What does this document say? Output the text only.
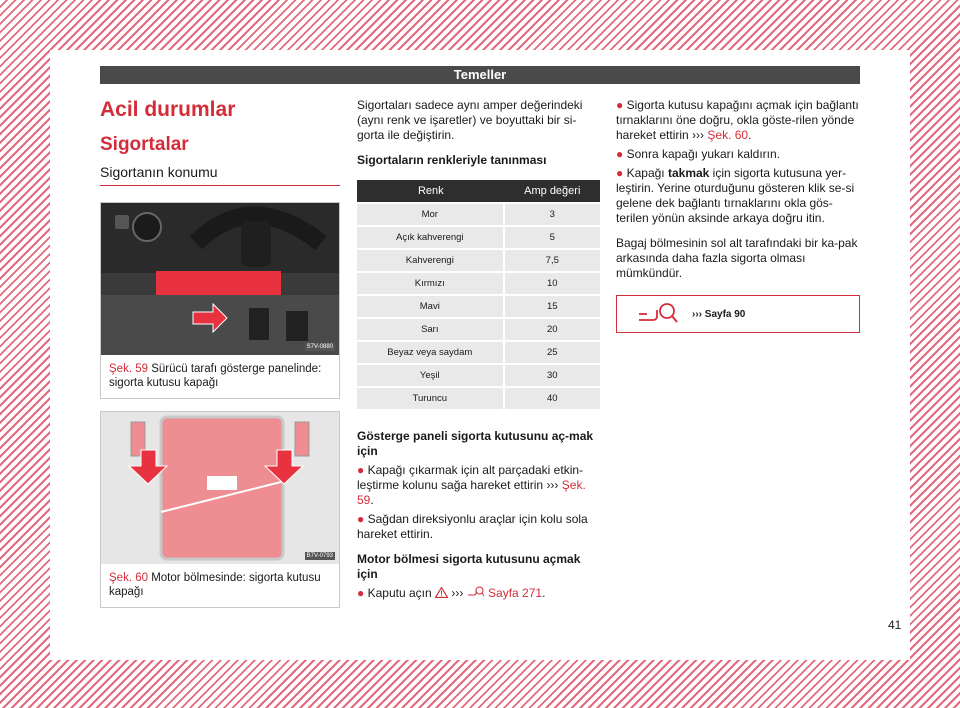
Temeller
Acil durumlar
Sigortalar
Sigortanın konumu
S7V-0880
Şek. 59 Sürücü tarafı gösterge panelinde: sigorta kutusu kapağı
B7V-0793
Şek. 60 Motor bölmesinde: sigorta kutusu kapağı

Sigortaları sadece aynı amper değerindeki (aynı renk ve işaretler) ve boyuttaki bir si-gorta ile değiştirin.

Sigortaların renkleriyle tanınması

Renk	Amp değeri
Mor	3
Açık kahverengi	5
Kahverengi	7,5
Kırmızı	10
Mavi	15
Sarı	20
Beyaz veya saydam	25
Yeşil	30
Turuncu	40

Gösterge paneli sigorta kutusunu aç-mak için

● Kapağı çıkarmak için alt parçadaki etkin-leştirme kolunu sağa hareket ettirin ››› Şek. 59.

● Sağdan direksiyonlu araçlar için kolu sola hareket ettirin.

Motor bölmesi sigorta kutusunu açmak için

● Kaputu açın ››› Sayfa 271.

● Sigorta kutusu kapağını açmak için bağlantı tırnaklarını öne doğru, okla göste-rilen yönde hareket ettirin ››› Şek. 60.

● Sonra kapağı yukarı kaldırın.

● Kapağı takmak için sigorta kutusuna yer-leştirin. Yerine oturduğunu gösteren klik se-si gelene dek bağlantı tırnaklarını okla gös-terilen yönün aksinde arkaya doğru itin.

Bagaj bölmesinin sol alt tarafındaki bir ka-pak arkasında daha fazla sigorta olması mümkündür.

››› Sayfa 90
41
